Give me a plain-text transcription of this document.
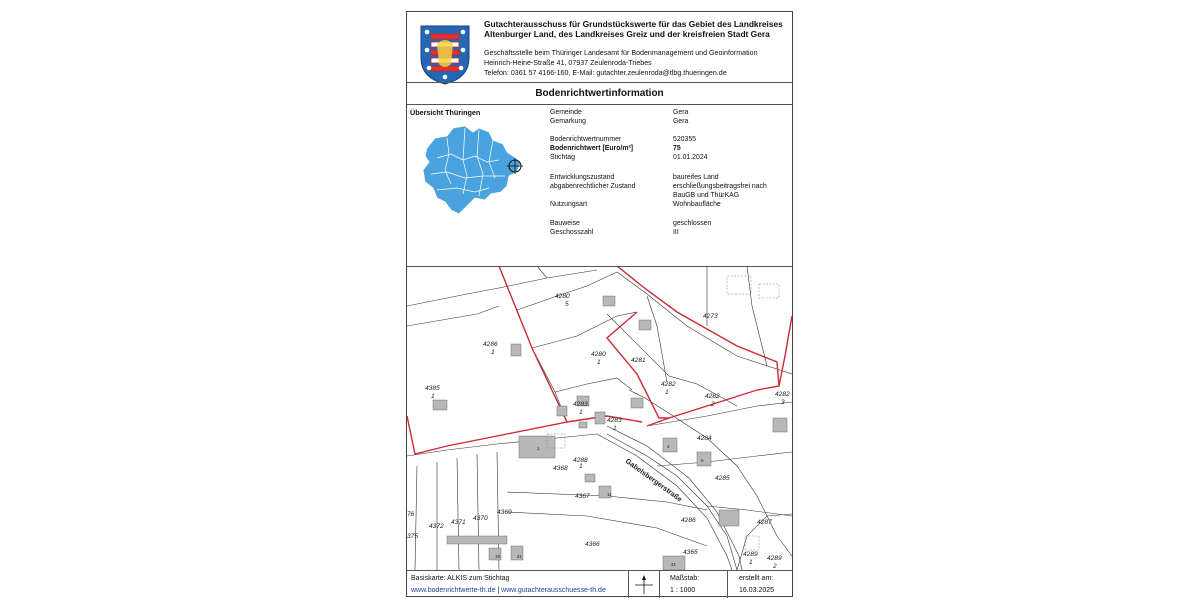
Gutachterausschuss für Grundstückswerte für das Gebiet des Landkreises
Altenburger Land, des Landkreises Greiz und der kreisfreien Stadt Gera
Geschäftsstelle beim Thüringer Landesamt für Bodenmanagement und Geoinformation
Heinrich-Heine-Straße 41, 07937 Zeulenroda-Triebes
Telefon: 0361 57 4166-160, E-Mail: gutachter.zeulenroda@tlbg.thueringen.de
Bodenrichtwertinformation
Übersicht Thüringen	Gemeinde	Gera
Gemarkung	Gera
Bodenrichtwertnummer	520355
Bodenrichtwert [Euro/m²]	75
Stichtag	01.01.2024
Entwicklungszustand	baureifes Land
abgabenrechtlicher Zustand	erschließungsbeitragsfrei nach
BauGB und ThürKAG
Nutzungsart	Wohnbaufläche
Bauweise	geschlossen
Geschosszahl	III
4280
5
4273
4286
1	4280
1	4281
4282
1
4282
2
4282
3
4385
1
4283
1
4283
1
4284
4288
1
4368
4285
4367
76
4372
4371
4370
4369
375
4366
4286	4287
4365	4289
1
4289
2
11
19	21
31
4
6
1
Gabelsbergerstraße
Basiskarte: ALKIS zum Stichtag
www.bodenrichtwerte-th.de | www.gutachterausschuesse-th.de
Maßstab:
1 : 1000
erstellt am:
16.03.2025
